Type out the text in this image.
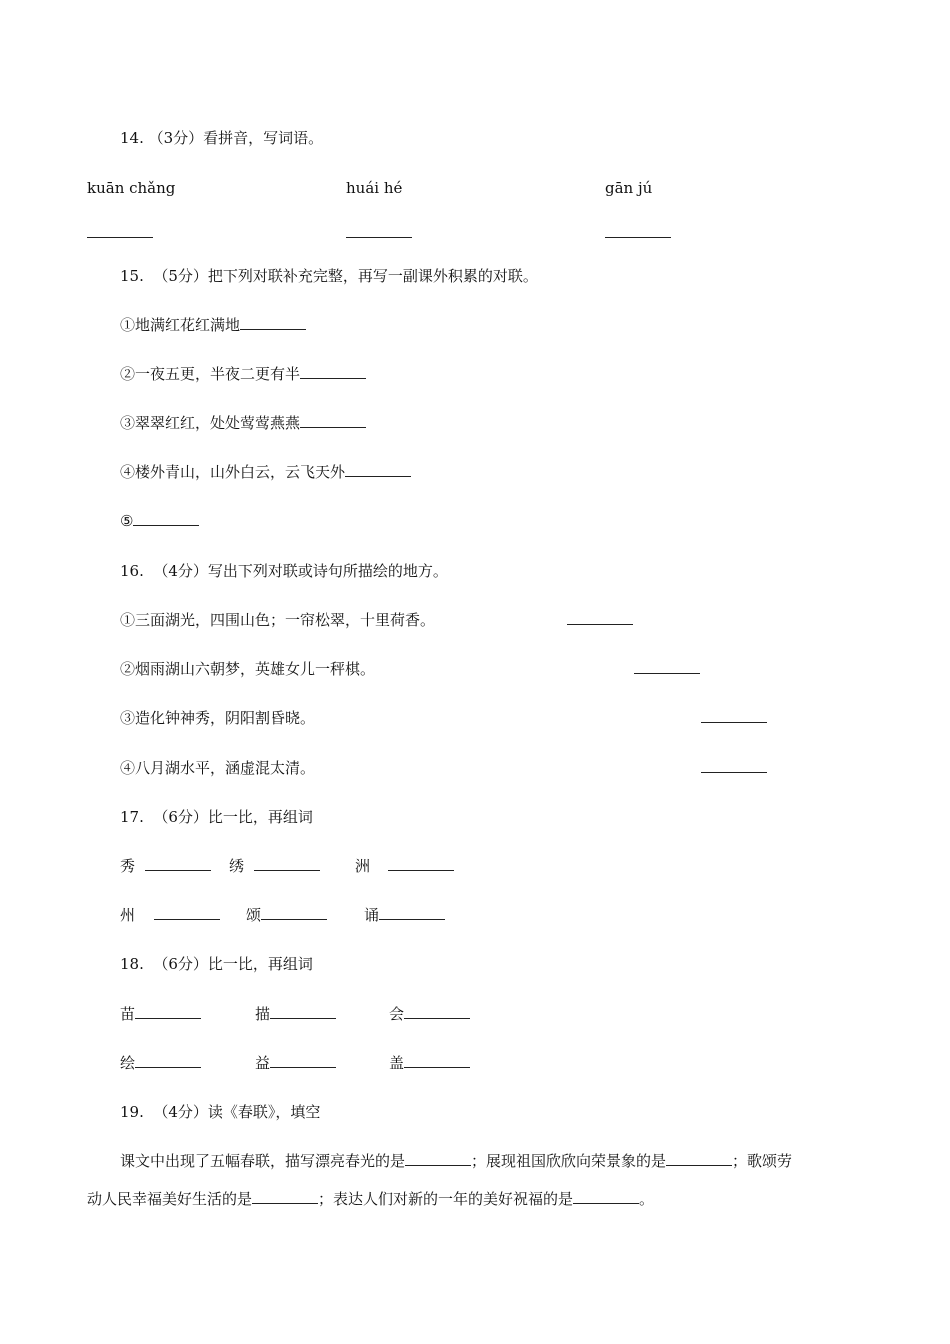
14. （3分）看拼音，写词语。
kuān chǎng	huái hé	gān jú
15.  （5分）把下列对联补充完整，再写一副课外积累的对联。
①地满红花红满地
②一夜五更，半夜二更有半
③翠翠红红，处处莺莺燕燕
④楼外青山，山外白云，云飞天外
⑤
16.  （4分）写出下列对联或诗句所描绘的地方。
①三面湖光，四围山色；一帘松翠，十里荷香。
②烟雨湖山六朝梦，英雄女儿一秤棋。
③造化钟神秀，阴阳割昏晓。
④八月湖水平，涵虚混太清。
17.  （6分）比一比，再组词
秀	绣	洲
州	颂	诵
18.  （6分）比一比，再组词
苗	描	会
绘	益	盖
19.  （4分）读《春联》，填空
课文中出现了五幅春联，描写漂亮春光的是	；展现祖国欣欣向荣景象的是	；歌颂劳
动人民幸福美好生活的是	；表达人们对新的一年的美好祝福的是	。
